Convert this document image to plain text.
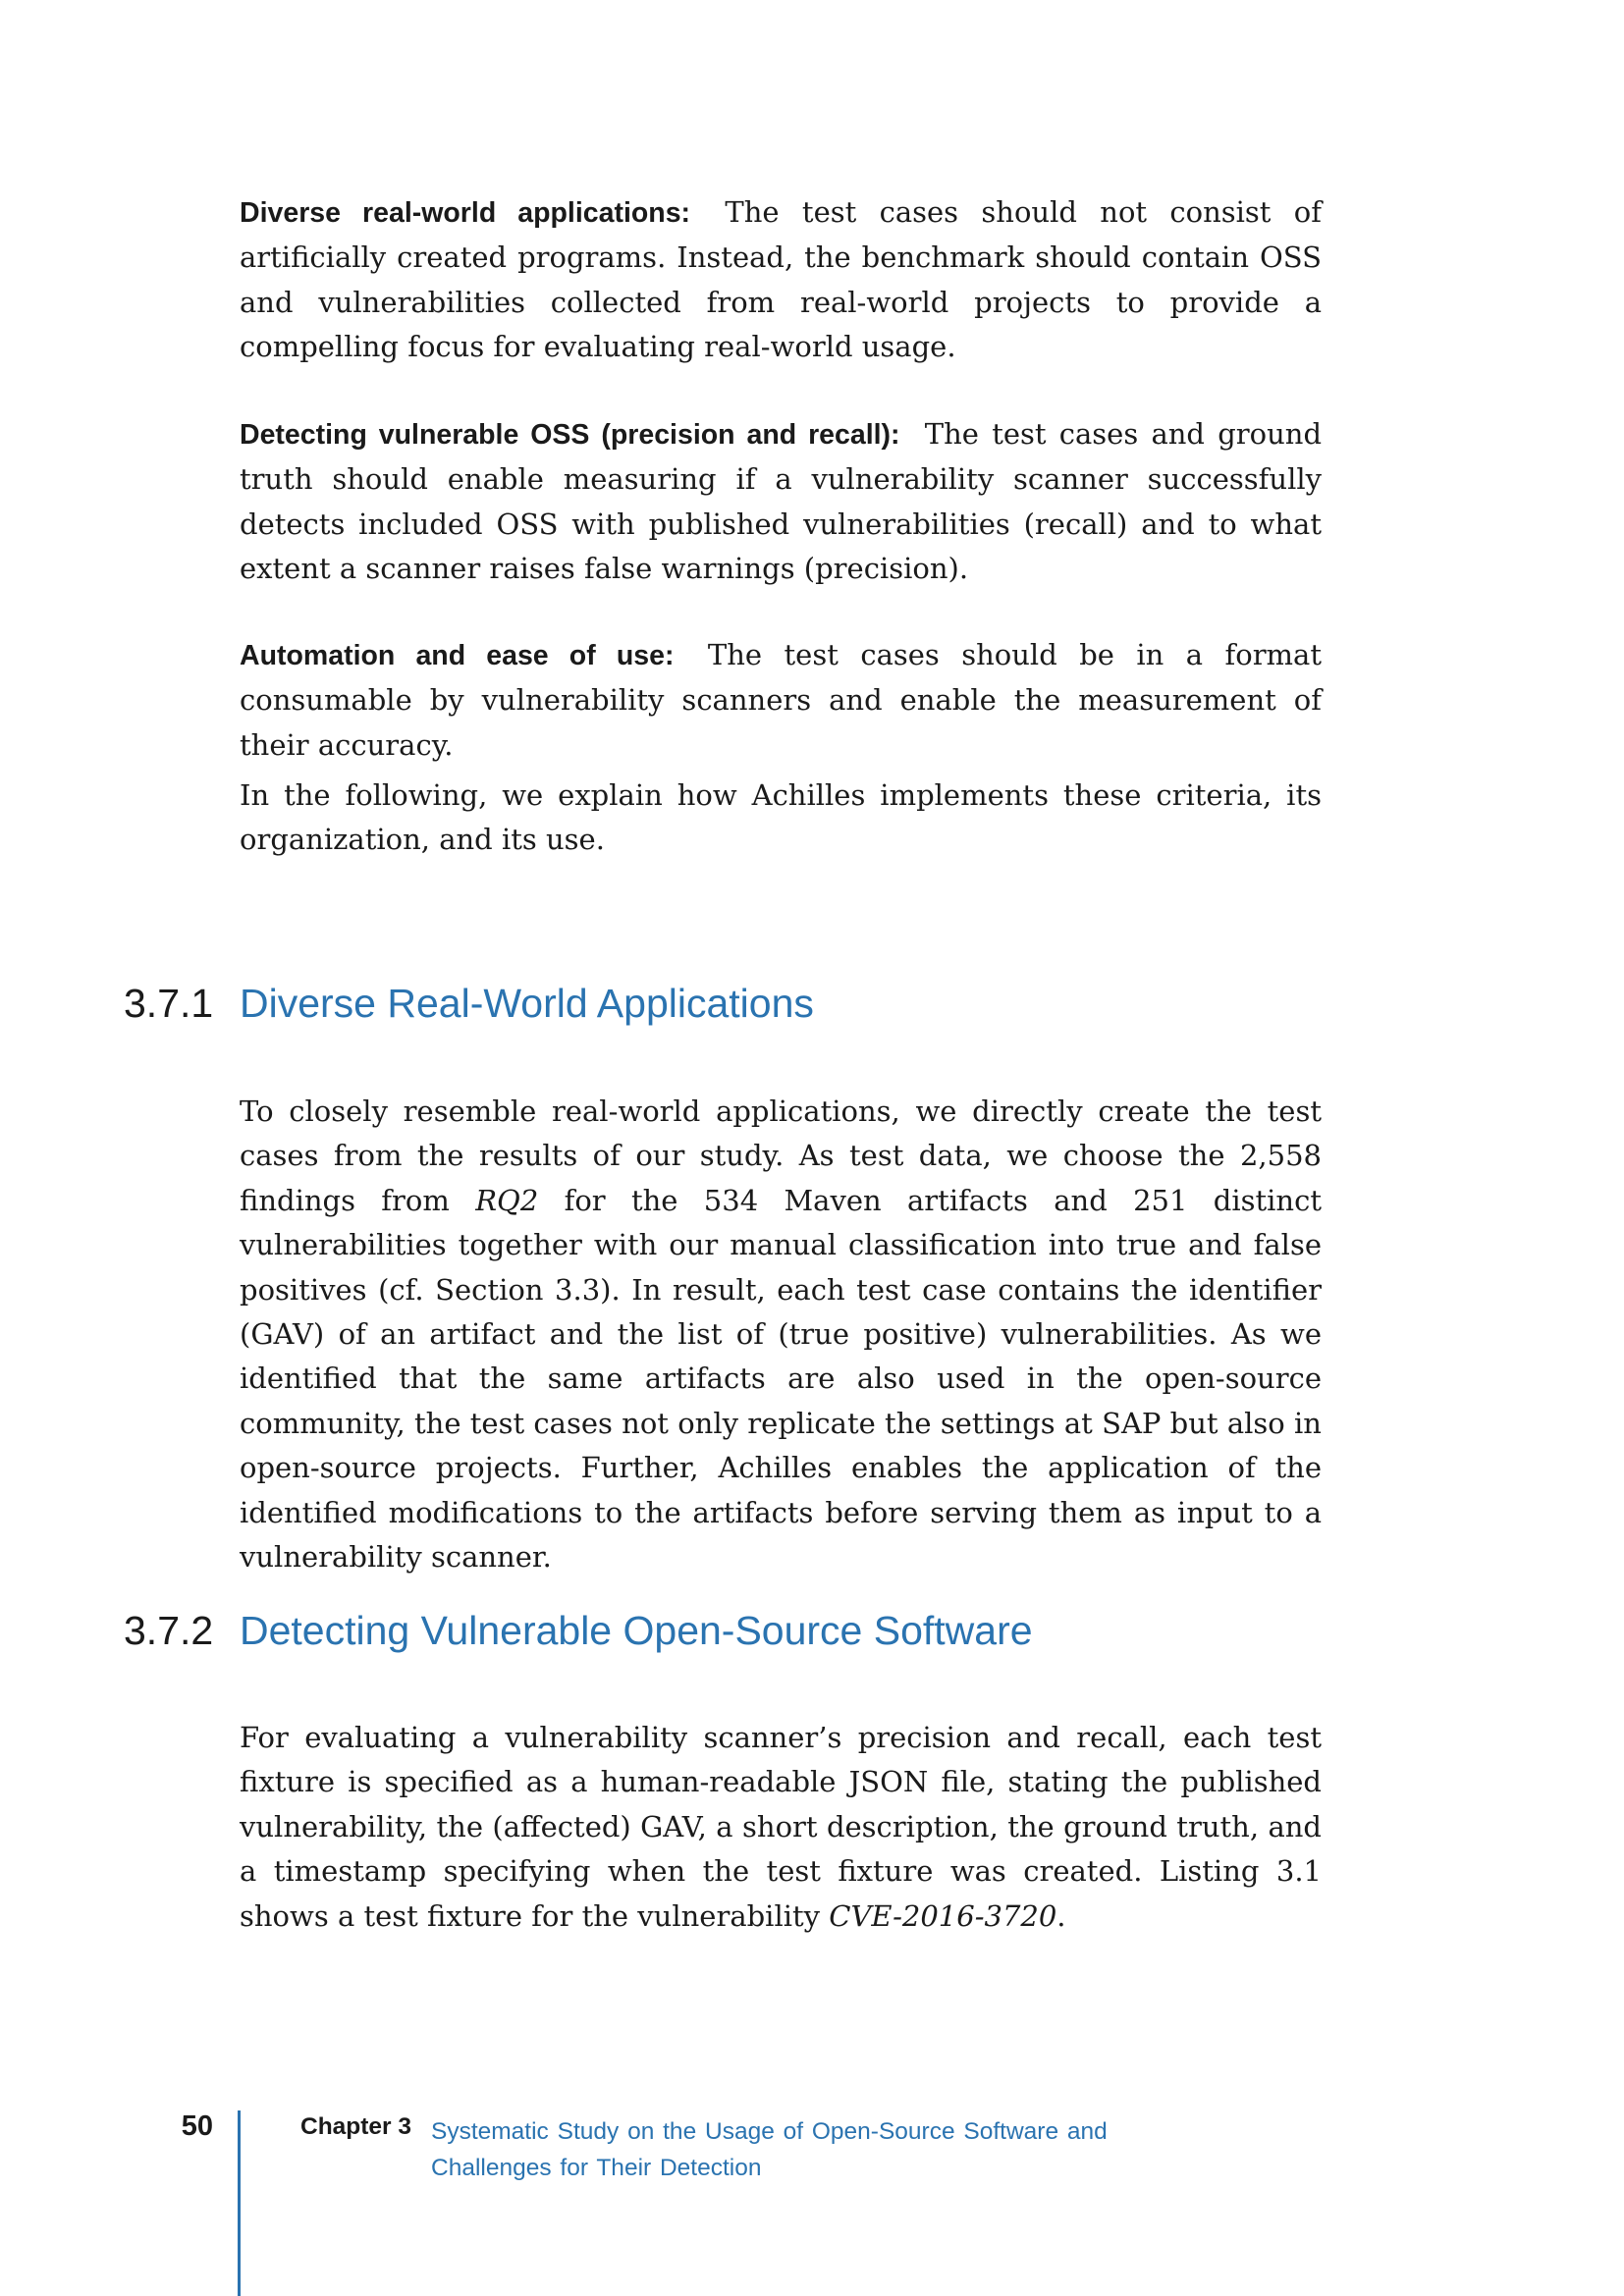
Diverse real-world applications: The test cases should not consist of artificially created programs. Instead, the benchmark should contain OSS and vulnerabilities collected from real-world projects to provide a compelling focus for evaluating real-world usage.

Detecting vulnerable OSS (precision and recall): The test cases and ground truth should enable measuring if a vulnerability scanner successfully detects included OSS with published vulnerabilities (recall) and to what extent a scanner raises false warnings (precision).

Automation and ease of use: The test cases should be in a format consumable by vulnerability scanners and enable the measurement of their accuracy.

In the following, we explain how Achilles implements these criteria, its organization, and its use.

3.7.1 Diverse Real-World Applications

To closely resemble real-world applications, we directly create the test cases from the results of our study. As test data, we choose the 2,558 findings from RQ2 for the 534 Maven artifacts and 251 distinct vulnerabilities together with our manual classification into true and false positives (cf. Section 3.3). In result, each test case contains the identifier (GAV) of an artifact and the list of (true positive) vulnerabilities. As we identified that the same artifacts are also used in the open-source community, the test cases not only replicate the settings at SAP but also in open-source projects. Further, Achilles enables the application of the identified modifications to the artifacts before serving them as input to a vulnerability scanner.

3.7.2 Detecting Vulnerable Open-Source Software

For evaluating a vulnerability scanner’s precision and recall, each test fixture is specified as a human-readable JSON file, stating the published vulnerability, the (affected) GAV, a short description, the ground truth, and a timestamp specifying when the test fixture was created. Listing 3.1 shows a test fixture for the vulnerability CVE-2016-3720.

50	Chapter 3 Systematic Study on the Usage of Open-Source Software and Challenges for Their Detection
